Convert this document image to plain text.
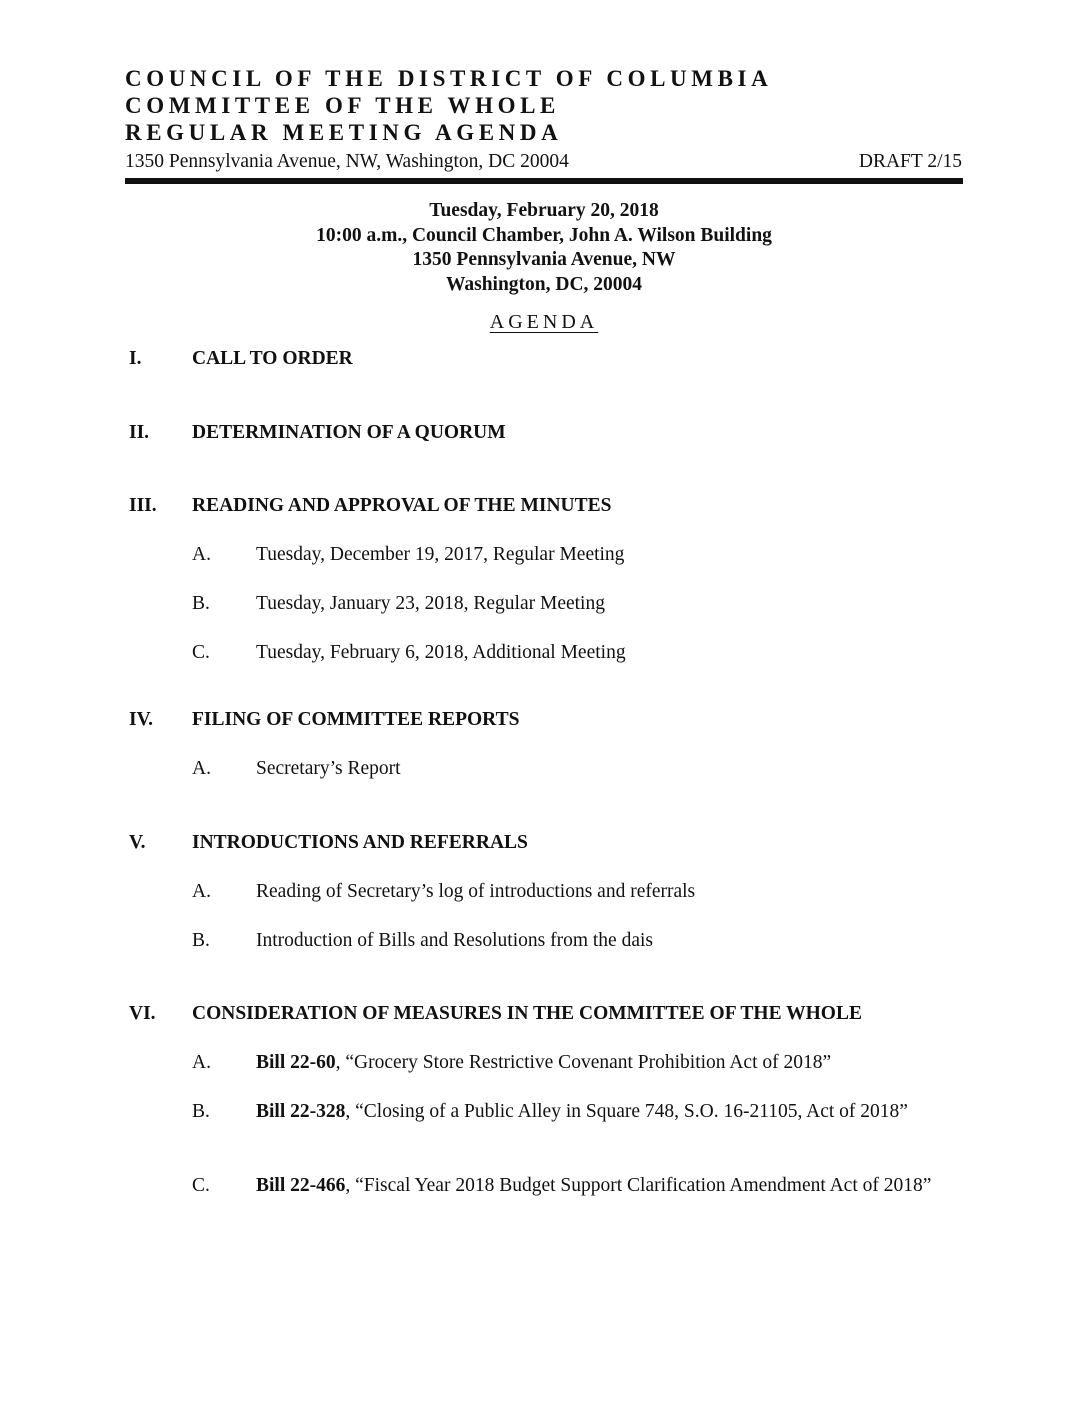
COUNCIL OF THE DISTRICT OF COLUMBIA
COMMITTEE OF THE WHOLE
REGULAR MEETING AGENDA
1350 Pennsylvania Avenue, NW, Washington, DC 20004	DRAFT 2/15
Tuesday, February 20, 2018
10:00 a.m., Council Chamber, John A. Wilson Building
1350 Pennsylvania Avenue, NW
Washington, DC, 20004
AGENDA
I.	CALL TO ORDER
II. DETERMINATION OF A QUORUM
III. READING AND APPROVAL OF THE MINUTES
A. Tuesday, December 19, 2017, Regular Meeting
B. Tuesday, January 23, 2018, Regular Meeting
C. Tuesday, February 6, 2018, Additional Meeting
IV. FILING OF COMMITTEE REPORTS
A. Secretary’s Report
V. INTRODUCTIONS AND REFERRALS
A. Reading of Secretary’s log of introductions and referrals
B. Introduction of Bills and Resolutions from the dais
VI. CONSIDERATION OF MEASURES IN THE COMMITTEE OF THE WHOLE
A. Bill 22-60, “Grocery Store Restrictive Covenant Prohibition Act of 2018”
B. Bill 22-328, “Closing of a Public Alley in Square 748, S.O. 16-21105, Act of 2018”
C. Bill 22-466, “Fiscal Year 2018 Budget Support Clarification Amendment Act of 2018”
